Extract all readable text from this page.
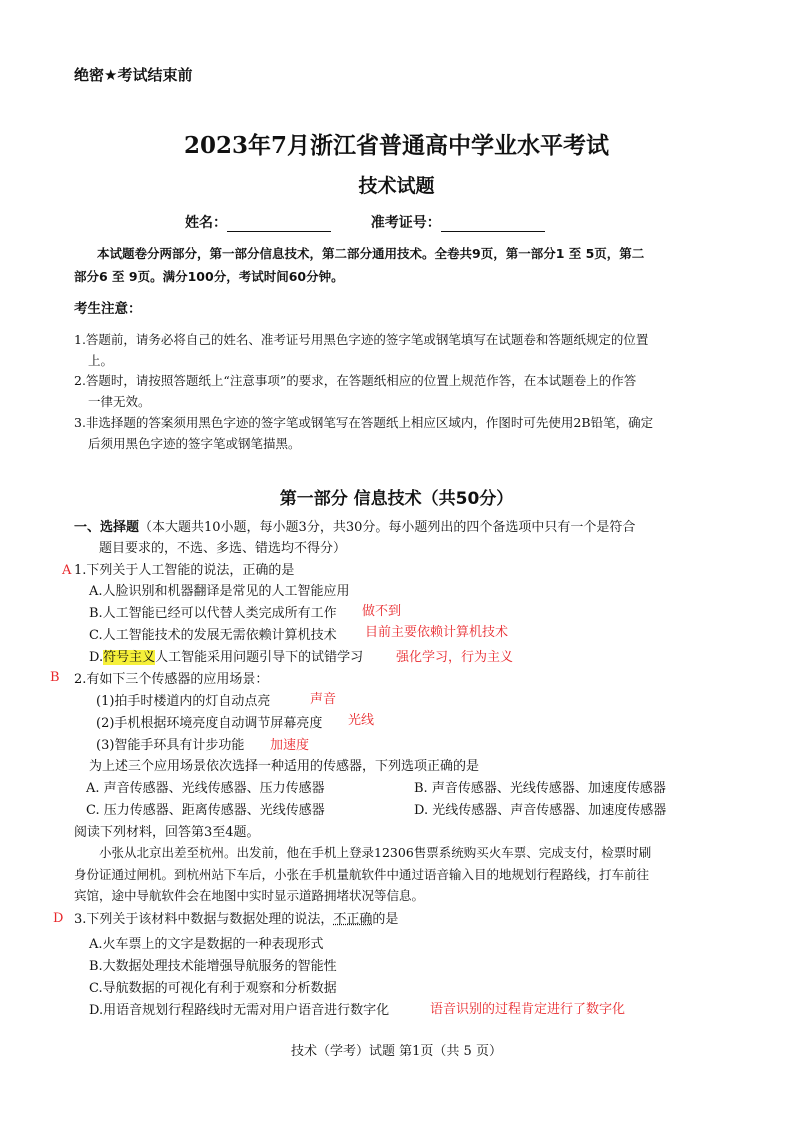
绝密★考试结束前
2023年7月浙江省普通高中学业水平考试
技术试题
姓名：	准考证号：
本试题卷分两部分，第一部分信息技术，第二部分通用技术。全卷共9页，第一部分1 至 5页，第二
部分6 至 9页。满分100分，考试时间60分钟。
考生注意：
1.答题前，请务必将自己的姓名、准考证号用黑色字迹的签字笔或钢笔填写在试题卷和答题纸规定的位置
上。
2.答题时，请按照答题纸上“注意事项”的要求，在答题纸相应的位置上规范作答，在本试题卷上的作答
一律无效。
3.非选择题的答案须用黑色字迹的签字笔或钢笔写在答题纸上相应区域内，作图时可先使用2B铅笔，确定
后须用黑色字迹的签字笔或钢笔描黑。
第一部分 信息技术（共50分）
一、选择题（本大题共10小题，每小题3分，共30分。每小题列出的四个备选项中只有一个是符合
题目要求的，不选、多选、错选均不得分）
A 1.下列关于人工智能的说法，正确的是
A.人脸识别和机器翻译是常见的人工智能应用
B.人工智能已经可以代替人类完成所有工作 做不到
C.人工智能技术的发展无需依赖计算机技术 目前主要依赖计算机技术
D.符号主义人工智能采用问题引导下的试错学习	强化学习，行为主义
B 2.有如下三个传感器的应用场景：
(1)拍手时楼道内的灯自动点亮	声音
(2)手机根据环境亮度自动调节屏幕亮度 光线
(3)智能手环具有计步功能 加速度
为上述三个应用场景依次选择一种适用的传感器，下列选项正确的是
A. 声音传感器、光线传感器、压力传感器	B. 声音传感器、光线传感器、加速度传感器
C. 压力传感器、距离传感器、光线传感器	D. 光线传感器、声音传感器、加速度传感器
阅读下列材料，回答第3至4题。
小张从北京出差至杭州。出发前，他在手机上登录12306售票系统购买火车票、完成支付，检票时刷
身份证通过闸机。到杭州站下车后，小张在手机量航软件中通过语音输入目的地规划行程路线，打车前往
宾馆，途中导航软件会在地图中实时显示道路拥堵状况等信息。
D 3.下列关于该材料中数据与数据处理的说法，不正确的是
A.火车票上的文字是数据的一种表现形式
B.大数据处理技术能增强导航服务的智能性
C.导航数据的可视化有利于观察和分析数据
D.用语音规划行程路线时无需对用户语音进行数字化	语音识别的过程肯定进行了数字化
技术（学考）试题 第1页（共 5 页）
